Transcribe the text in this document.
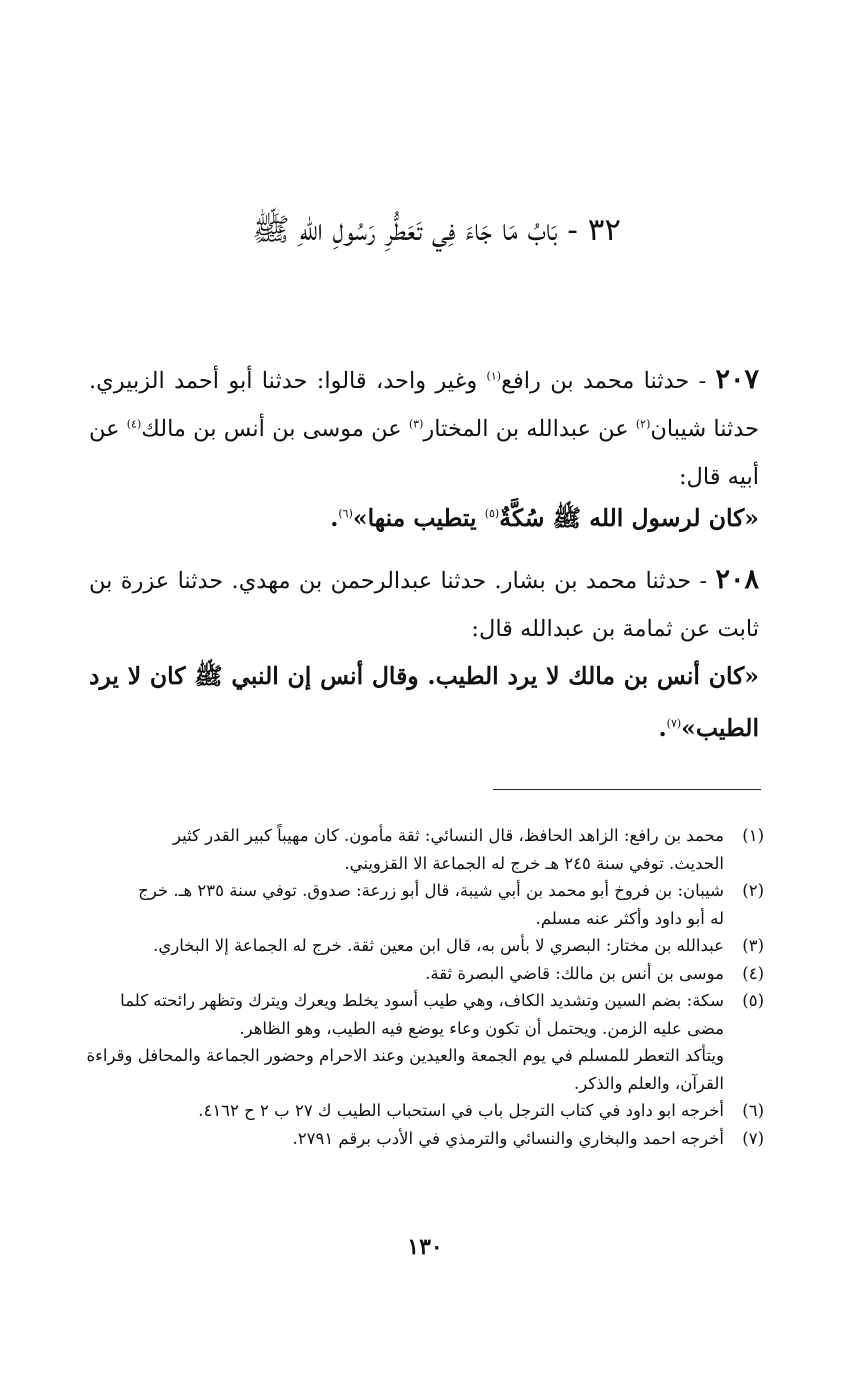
٣٢ - بَابُ مَا جَاءَ فِي تَعَطُّرِ رَسُولِ اللهِ ﷺ
٢٠٧ - حدثنا محمد بن رافع$^{(١)}$ وغير واحد، قالوا: حدثنا أبو أحمد الزبيري. حدثنا شيبان$^{(٢)}$ عن عبدالله بن المختار$^{(٣)}$ عن موسى بن أنس بن مالك$^{(٤)}$ عن أبيه قال:
«كان لرسول الله ﷺ سُكَّةٌ$^{(٥)}$ يتطيب منها»$^{(٦)}$.
٢٠٨ - حدثنا محمد بن بشار. حدثنا عبدالرحمن بن مهدي. حدثنا عزرة بن ثابت عن ثمامة بن عبدالله قال:
«كان أنس بن مالك لا يرد الطيب. وقال أنس إن النبي ﷺ كان لا يرد الطيب»$^{(٧)}$.
(١)
محمد بن رافع: الزاهد الحافظ، قال النسائي: ثقة مأمون. كان مهيباً كبير القدر كثير
الحديث. توفي سنة ٢٤٥ هـ خرج له الجماعة الا القزويني.
(٢)
شيبان: بن فروخ أبو محمد بن أبي شيبة، قال أبو زرعة: صدوق. توفي سنة ٢٣٥ هـ. خرج
له أبو داود وأكثر عنه مسلم.
(٣)
عبدالله بن مختار: البصري لا بأس به، قال ابن معين ثقة. خرج له الجماعة إلا البخاري.
(٤)
موسى بن أنس بن مالك: قاضي البصرة ثقة.
(٥)
سكة: بضم السين وتشديد الكاف، وهي طيب أسود يخلط ويعرك ويترك وتظهر رائحته كلما
مضى عليه الزمن. ويحتمل أن تكون وعاء يوضع فيه الطيب، وهو الظاهر.
ويتأكد التعطر للمسلم في يوم الجمعة والعيدين وعند الاحرام وحضور الجماعة والمحافل وقراءة
القرآن، والعلم والذكر.
(٦)
أخرجه ابو داود في كتاب الترجل باب في استحباب الطيب ك ٢٧ ب ٢ ح ٤١٦٢.
(٧)
أخرجه احمد والبخاري والنسائي والترمذي في الأدب برقم ٢٧٩١.
١٣٠
